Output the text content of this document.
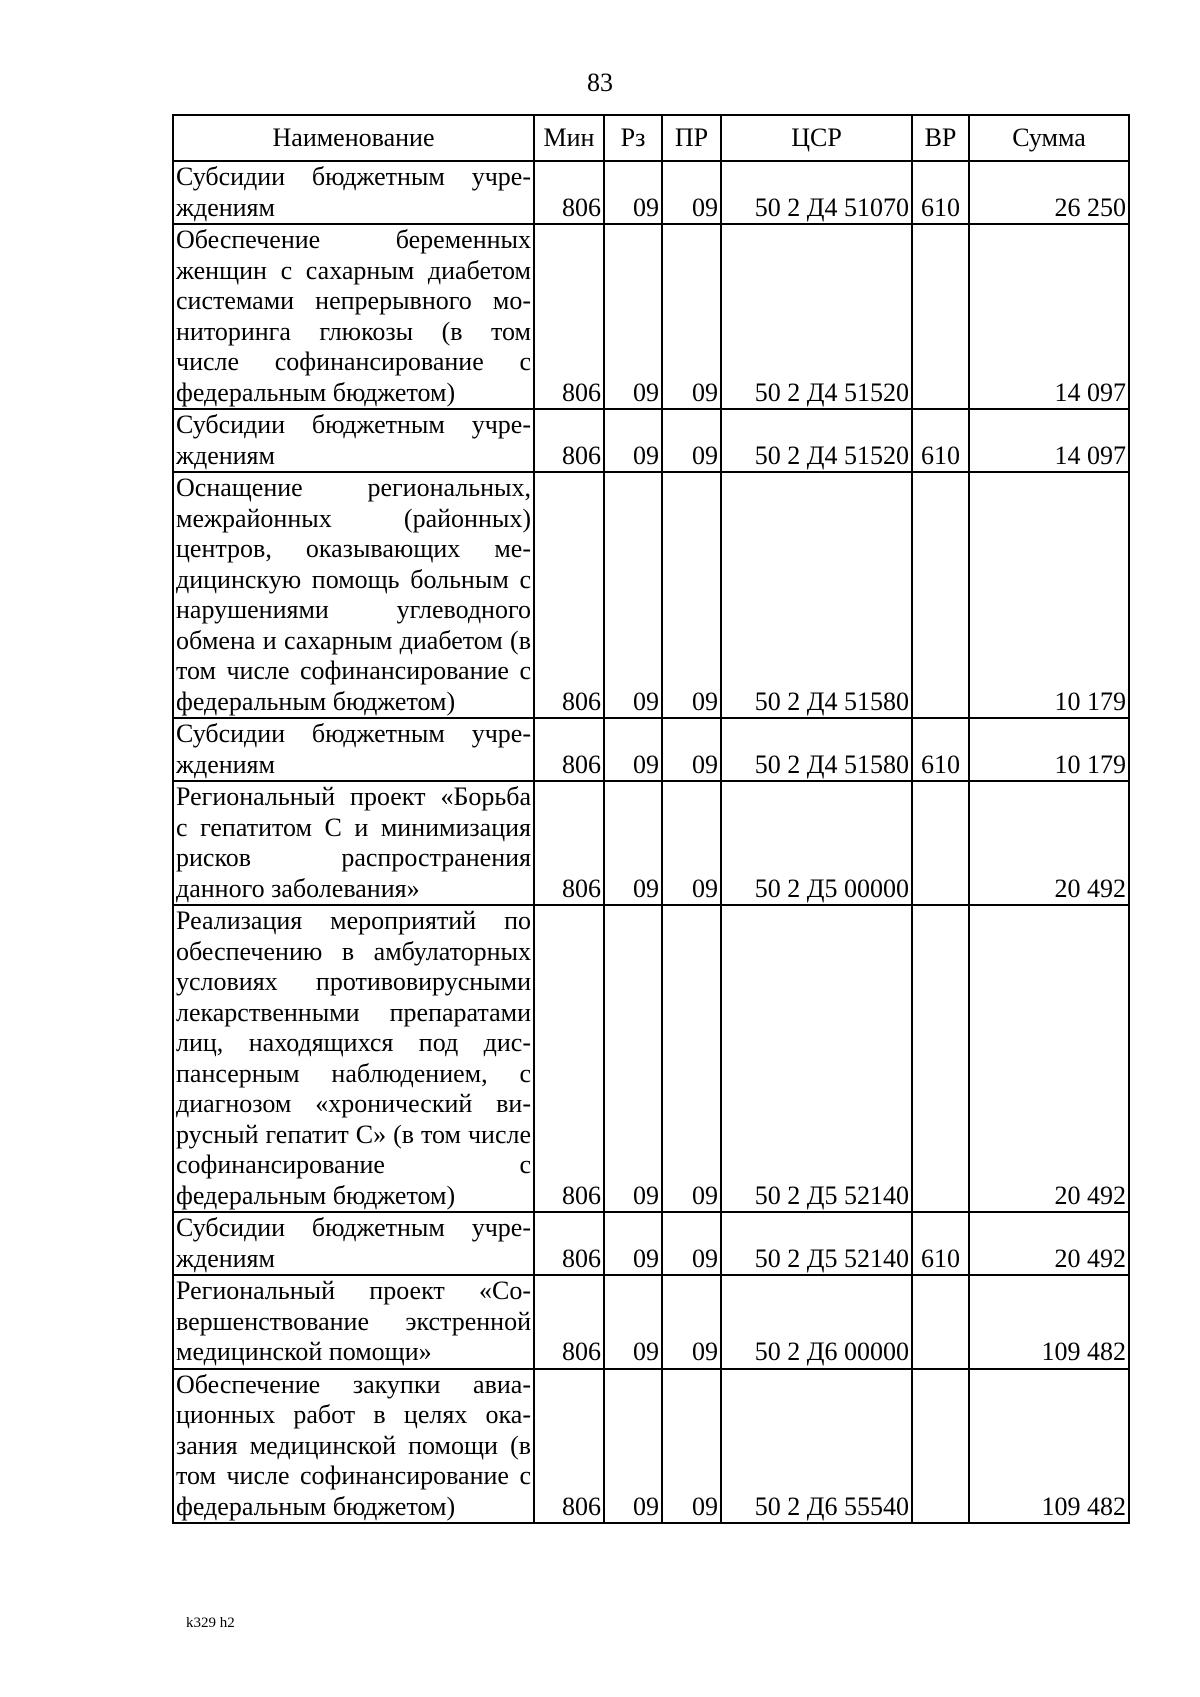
83
Наименование	Мин	Рз	ПР	ЦСР	ВР	Сумма
Субсидии бюджетным учреждениям	806	09	09	50 2 Д4 51070	610	26 250
Обеспечение беременных женщин с сахарным диабетом системами непрерывного мониторинга глюкозы (в том числе софинансирование с федеральным бюджетом)	806	09	09	50 2 Д4 51520		14 097
Субсидии бюджетным учреждениям	806	09	09	50 2 Д4 51520	610	14 097
Оснащение региональных, межрайонных (районных) центров, оказывающих медицинскую помощь больным с нарушениями углеводного обмена и сахарным диабетом (в том числе софинансирование с федеральным бюджетом)	806	09	09	50 2 Д4 51580		10 179
Субсидии бюджетным учреждениям	806	09	09	50 2 Д4 51580	610	10 179
Региональный проект «Борьба с гепатитом С и минимизация рисков распространения данного заболевания»	806	09	09	50 2 Д5 00000		20 492
Реализация мероприятий по обеспечению в амбулаторных условиях противовирусными лекарственными препаратами лиц, находящихся под диспансерным наблюдением, с диагнозом «хронический вирусный гепатит С» (в том числе софинансирование с федеральным бюджетом)	806	09	09	50 2 Д5 52140		20 492
Субсидии бюджетным учреждениям	806	09	09	50 2 Д5 52140	610	20 492
Региональный проект «Совершенствование экстренной медицинской помощи»	806	09	09	50 2 Д6 00000		109 482
Обеспечение закупки авиационных работ в целях оказания медицинской помощи (в том числе софинансирование с федеральным бюджетом)	806	09	09	50 2 Д6 55540		109 482
k329 h2
